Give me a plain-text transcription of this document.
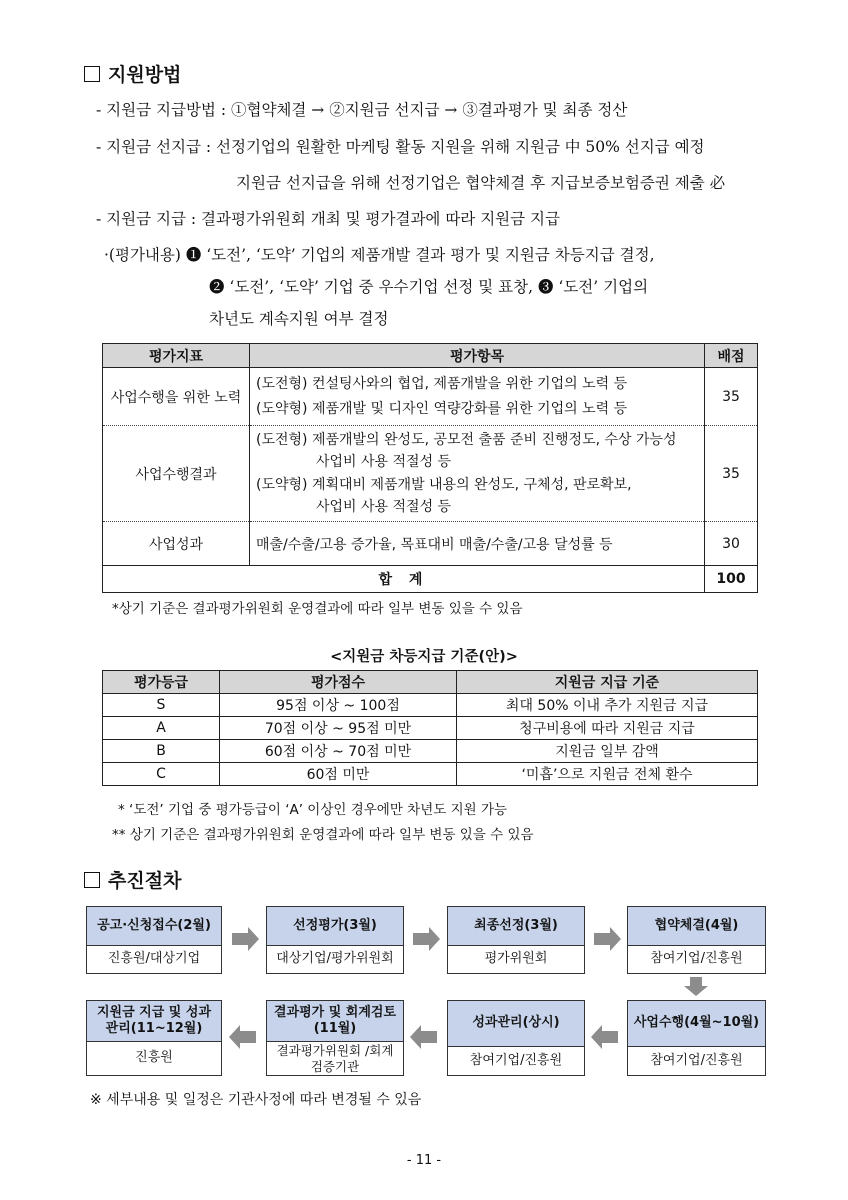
지원방법
- 지원금 지급방법 : ①협약체결 → ②지원금 선지급 → ③결과평가 및 최종 정산
- 지원금 선지급 : 선정기업의 원활한 마케팅 활동 지원을 위해 지원금 中 50% 선지급 예정
지원금 선지급을 위해 선정기업은 협약체결 후 지급보증보험증권 제출 必
- 지원금 지급 : 결과평가위원회 개최 및 평가결과에 따라 지원금 지급
·(평가내용) ❶ ‘도전’, ‘도약’ 기업의 제품개발 결과 평가 및 지원금 차등지급 결정,
❷ ‘도전’, ‘도약’ 기업 중 우수기업 선정 및 표창, ❸ ‘도전’ 기업의
차년도 계속지원 여부 결정
평가지표	평가항목	배점
사업수행을 위한 노력	(도전형) 컨설팅사와의 협업, 제품개발을 위한 기업의 노력 등
(도약형) 제품개발 및 디자인 역량강화를 위한 기업의 노력 등	35
사업수행결과	(도전형) 제품개발의 완성도, 공모전 출품 준비 진행정도, 수상 가능성
사업비 사용 적절성 등
(도약형) 계획대비 제품개발 내용의 완성도, 구체성, 판로확보,
사업비 사용 적절성 등	35
사업성과	매출/수출/고용 증가율, 목표대비 매출/수출/고용 달성률 등	30
합 계		100
*상기 기준은 결과평가위원회 운영결과에 따라 일부 변동 있을 수 있음
<지원금 차등지급 기준(안)>
평가등급	평가점수	지원금 지급 기준
S	95점 이상 ~ 100점	최대 50% 이내 추가 지원금 지급
A	70점 이상 ~ 95점 미만	청구비용에 따라 지원금 지급
B	60점 이상 ~ 70점 미만	지원금 일부 감액
C	60점 미만	‘미흡’으로 지원금 전체 환수
* ‘도전’ 기업 중 평가등급이 ‘A’ 이상인 경우에만 차년도 지원 가능
** 상기 기준은 결과평가위원회 운영결과에 따라 일부 변동 있을 수 있음
추진절차
공고·신청접수(2월)
진흥원/대상기업
선정평가(3월)
대상기업/평가위원회
최종선정(3월)
평가위원회
협약체결(4월)
참여기업/진흥원
사업수행(4월~10월)
참여기업/진흥원
성과관리(상시)
참여기업/진흥원
결과평가 및 회계검토 (11월)
결과평가위원회 /회계검증기관
지원금 지급 및 성과관리(11~12월)
진흥원
※ 세부내용 및 일정은 기관사정에 따라 변경될 수 있음
- 11 -
